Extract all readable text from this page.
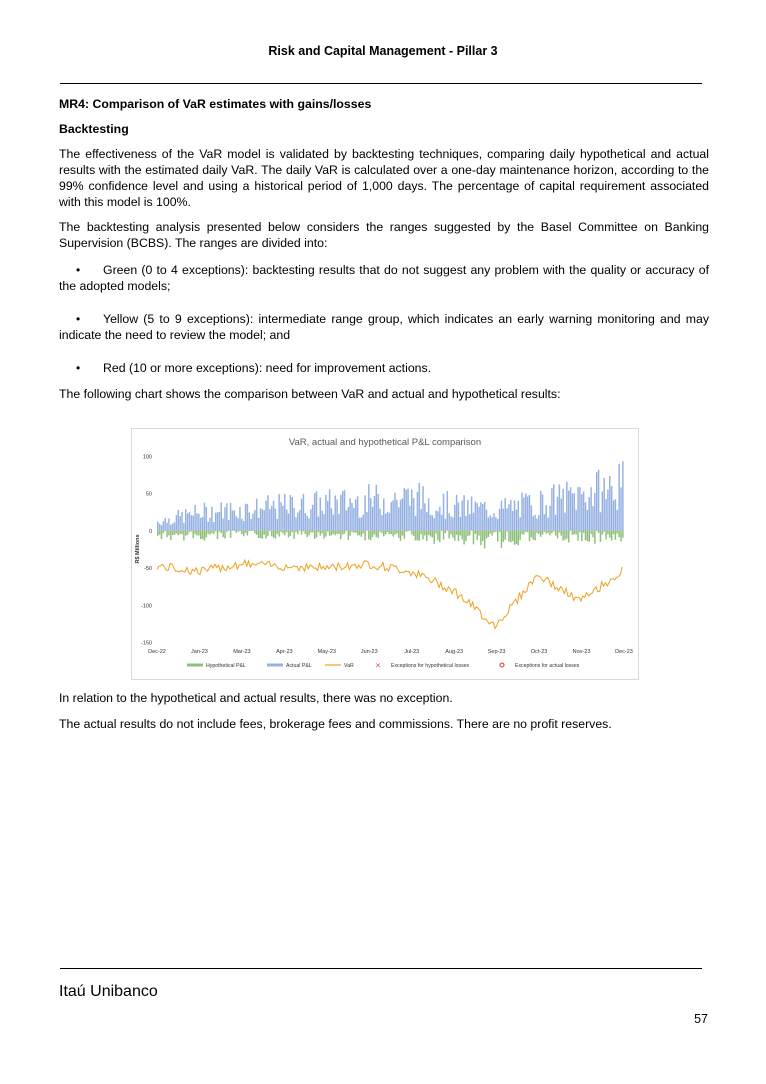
Risk and Capital Management - Pillar 3

MR4: Comparison of VaR estimates with gains/losses

Backtesting

The effectiveness of the VaR model is validated by backtesting techniques, comparing daily hypothetical and actual results with the estimated daily VaR. The daily VaR is calculated over a one-day maintenance horizon, according to the 99% confidence level and using a historical period of 1,000 days. The percentage of capital requirement associated with this model is 100%.

The backtesting analysis presented below considers the ranges suggested by the Basel Committee on Banking Supervision (BCBS). The ranges are divided into:

• Green (0 to 4 exceptions): backtesting results that do not suggest any problem with the quality or accuracy of the adopted models;
• Yellow (5 to 9 exceptions): intermediate range group, which indicates an early warning monitoring and may indicate the need to review the model; and
• Red (10 or more exceptions): need for improvement actions.

The following chart shows the comparison between VaR and actual and hypothetical results:

VaR, actual and hypothetical P&L comparison
100
50
0
-50
-100
-150
R$ Millions
Dec-22	Jan-23	Mar-23	Apr-23	May-23	Jun-23	Jul-23	Aug-23	Sep-23	Oct-23	Nov-23	Dec-23
Hypothetical P&L	Actual P&L	VaR	× Exceptions for hypothetical losses	Exceptions for actual losses

In relation to the hypothetical and actual results, there was no exception.

The actual results do not include fees, brokerage fees and commissions. There are no profit reserves.

Itaú Unibanco
57
